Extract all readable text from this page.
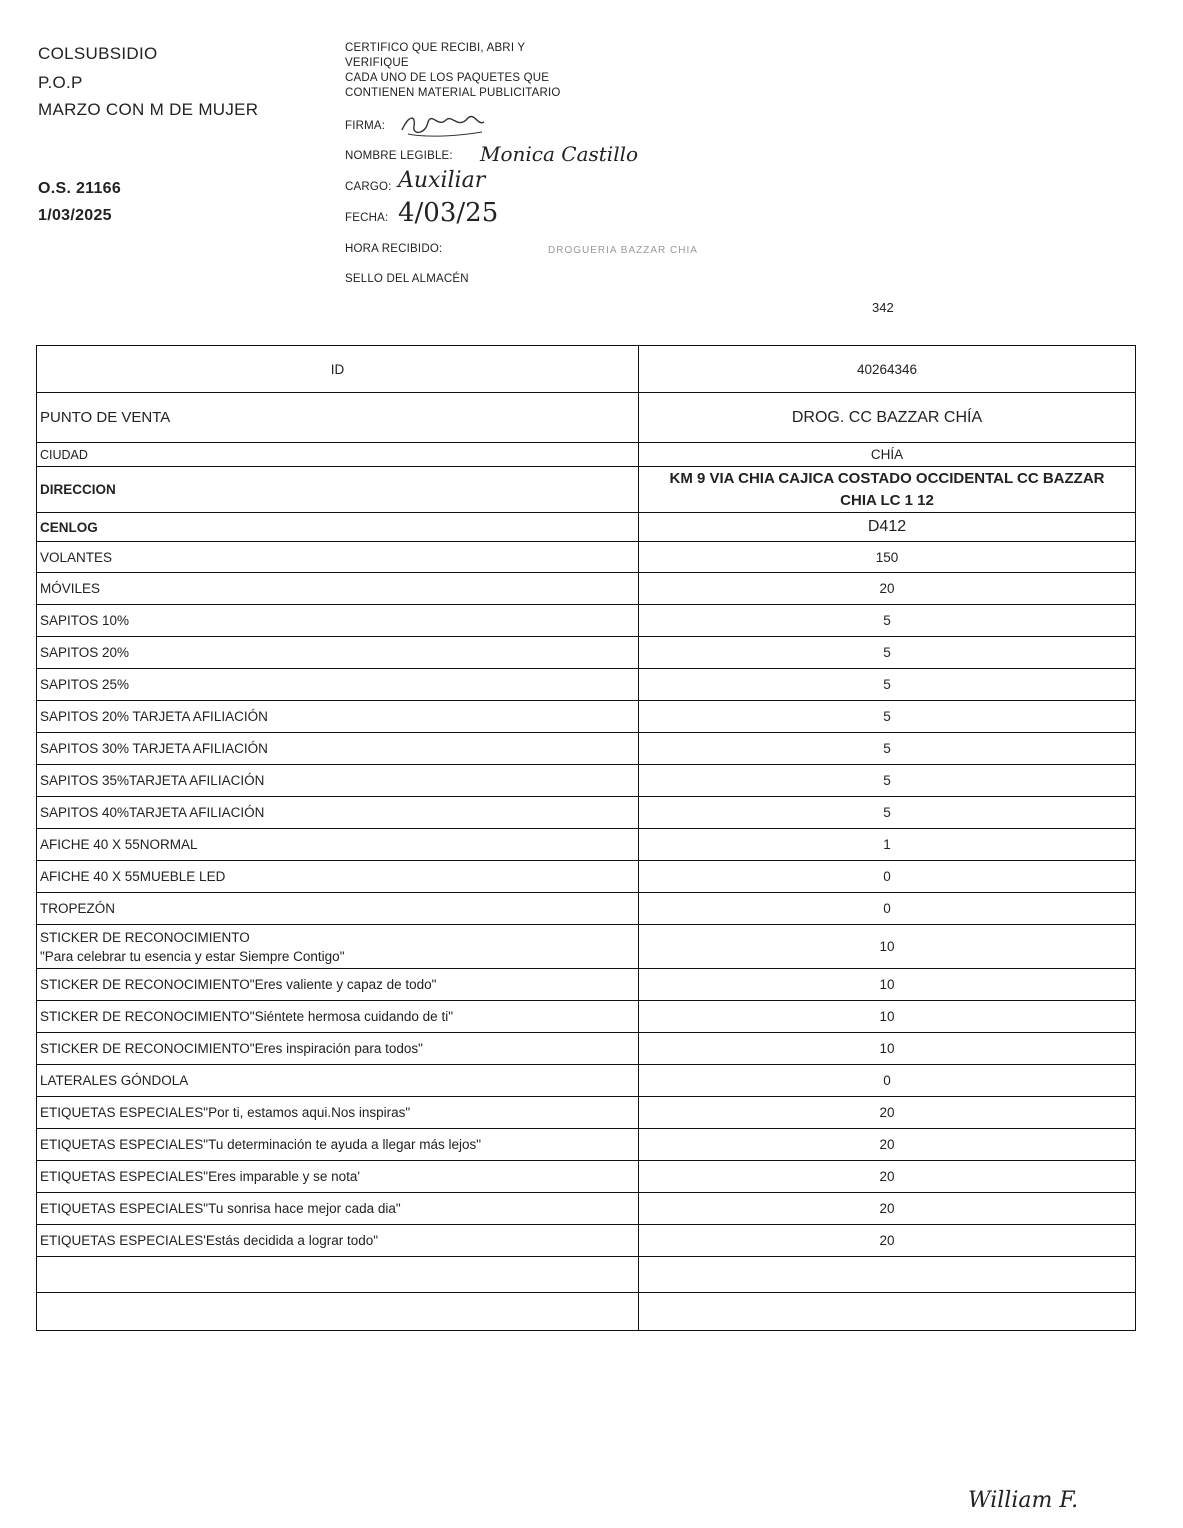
COLSUBSIDIO
P.O.P
MARZO CON M DE MUJER
O.S. 21166
1/03/2025
CERTIFICO QUE RECIBI, ABRI Y
VERIFIQUE
CADA UNO DE LOS PAQUETES QUE
CONTIENEN MATERIAL PUBLICITARIO
FIRMA:
NOMBRE LEGIBLE: Monica Castillo
CARGO: Auxiliar
FECHA: 4/03/25
HORA RECIBIDO:	DROGUERIA BAZZAR CHIA
SELLO DEL ALMACÉN
342
ID	40264346

PUNTO DE VENTA	DROG. CC BAZZAR CHÍA

CIUDAD	CHÍA

DIRECCION	KM 9 VIA CHIA CAJICA COSTADO OCCIDENTAL CC BAZZAR CHIA LC 1 12

CENLOG	D412

VOLANTES	150

MÓVILES	20

SAPITOS 10%	5

SAPITOS 20%	5

SAPITOS 25%	5

SAPITOS 20% TARJETA AFILIACIÓN	5

SAPITOS 30% TARJETA AFILIACIÓN	5

SAPITOS 35%TARJETA AFILIACIÓN	5

SAPITOS 40%TARJETA AFILIACIÓN	5

AFICHE 40 X 55NORMAL	1

AFICHE 40 X 55MUEBLE LED	0

TROPEZÓN	0

STICKER DE RECONOCIMIENTO
"Para celebrar tu esencia y estar Siempre Contigo"	10

STICKER DE RECONOCIMIENTO"Eres valiente y capaz de todo"	10

STICKER DE RECONOCIMIENTO"Siéntete hermosa cuidando de ti"	10

STICKER DE RECONOCIMIENTO"Eres inspiración para todos"	10

LATERALES GÓNDOLA	0

ETIQUETAS ESPECIALES"Por ti, estamos aqui.Nos inspiras"	20

ETIQUETAS ESPECIALES"Tu determinación te ayuda a llegar más lejos"	20

ETIQUETAS ESPECIALES"Eres imparable y se nota'	20

ETIQUETAS ESPECIALES"Tu sonrisa hace mejor cada dia"	20

ETIQUETAS ESPECIALES'Estás decidida a lograr todo"	20

William F.
